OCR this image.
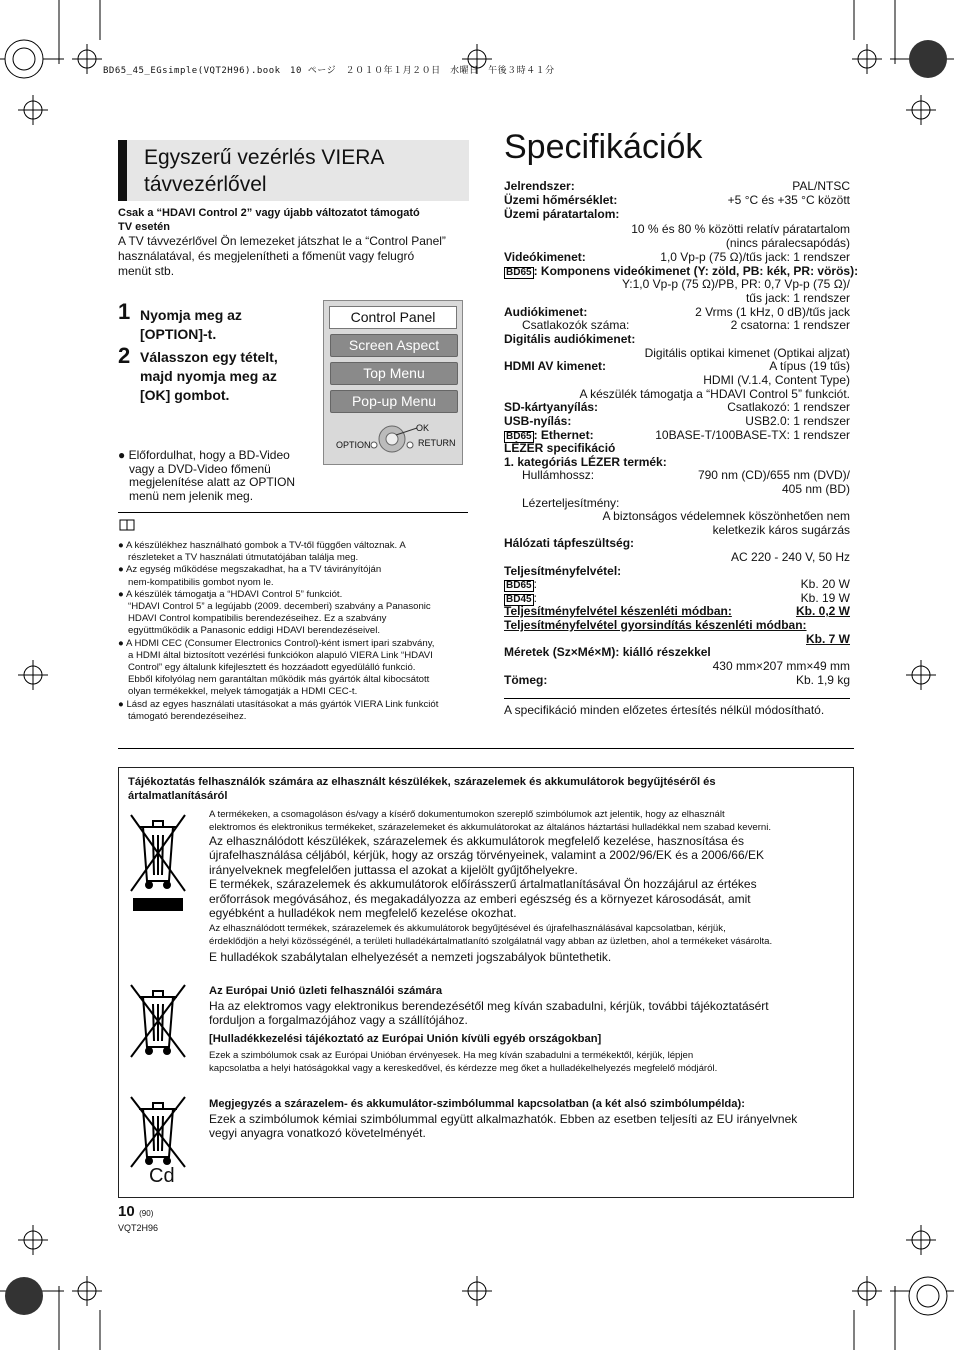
BD65_45_EGsimple(VQT2H96).book　10 ページ　２０１０年１月２０日　水曜日　午後３時４１分
Egyszerű vezérlés VIERA
távvezérlővel
Csak a “HDAVI Control 2” vagy újabb változatot támogató
TV esetén
A TV távvezérlővel Ön lemezeket játszhat le a “Control Panel”
használatával, és megjelenítheti a főmenüt vagy felugró
menüt stb.
1 Nyomja meg az
[OPTION]-t.
2 Válasszon egy tételt,
majd nyomja meg az
[OK] gombot.
Control Panel
Screen Aspect
Top Menu
Pop-up Menu
OK
OPTION	RETURN
● Előfordulhat, hogy a BD-Video
vagy a DVD-Video főmenü
megjelenítése alatt az OPTION
menü nem jelenik meg.
● A készülékhez használható gombok a TV-től függően változnak. A
részleteket a TV használati útmutatójában találja meg.
● Az egység működése megszakadhat, ha a TV távirányítóján
nem-kompatibilis gombot nyom le.
● A készülék támogatja a “HDAVI Control 5” funkciót.
“HDAVI Control 5” a legújabb (2009. decemberi) szabvány a Panasonic
HDAVI Control kompatibilis berendezéseihez. Ez a szabvány
együttműködik a Panasonic eddigi HDAVI berendezéseivel.
● A HDMI CEC (Consumer Electronics Control)-ként ismert ipari szabvány,
a HDMI által biztosított vezérlési funkciókon alapuló VIERA Link “HDAVI
Control” egy általunk kifejlesztett és hozzáadott egyedülálló funkció.
Ebből kifolyólag nem garantáltan működik más gyártók által kibocsátott
olyan termékekkel, melyek támogatják a HDMI CEC-t.
● Lásd az egyes használati utasításokat a más gyártók VIERA Link funkciót
támogató berendezéseihez.
Specifikációk
Jelrendszer:	PAL/NTSC
Üzemi hőmérséklet:	+5 °C és +35 °C között
Üzemi páratartalom:
10 % és 80 % közötti relatív páratartalom
(nincs páralecsapódás)
Videókimenet:	1,0 Vp-p (75 Ω)/tűs jack: 1 rendszer
BD65 : Komponens videókimenet (Y: zöld, PB: kék, PR: vörös):
Y:1,0 Vp-p (75 Ω)/PB, PR: 0,7 Vp-p (75 Ω)/
tűs jack: 1 rendszer
Audiókimenet:	2 Vrms (1 kHz, 0 dB)/tűs jack
Csatlakozók száma:	2 csatorna: 1 rendszer
Digitális audiókimenet:
Digitális optikai kimenet (Optikai aljzat)
HDMI AV kimenet:	A típus (19 tűs)
HDMI (V.1.4, Content Type)
A készülék támogatja a “HDAVI Control 5” funkciót.
SD-kártyanyílás:	Csatlakozó: 1 rendszer
USB-nyílás:	USB2.0: 1 rendszer
BD65 : Ethernet:	10BASE-T/100BASE-TX: 1 rendszer
LÉZER specifikáció
1. kategóriás LÉZER termék:
Hullámhossz:	790 nm (CD)/655 nm (DVD)/
405 nm (BD)
Lézerteljesítmény:
A biztonságos védelemnek köszönhetően nem
keletkezik káros sugárzás
Hálózati tápfeszültség:
AC 220 - 240 V, 50 Hz
Teljesítményfelvétel:
BD65 :	Kb. 20 W
BD45 :	Kb. 19 W
Teljesítményfelvétel készenléti módban:	Kb. 0,2 W
Teljesítményfelvétel gyorsindítás készenléti módban:
Kb. 7 W
Méretek (Sz×Mé×M): kiálló részekkel
430 mm×207 mm×49 mm
Tömeg:	Kb. 1,9 kg
A specifikáció minden előzetes értesítés nélkül módosítható.
Tájékoztatás felhasználók számára az elhasznált készülékek, szárazelemek és akkumulátorok begyűjtéséről és
ártalmatlanításáról
A termékeken, a csomagoláson és/vagy a kísérő dokumentumokon szereplő szimbólumok azt jelentik, hogy az elhasznált
elektromos és elektronikus termékeket, szárazelemeket és akkumulátorokat az általános háztartási hulladékkal nem szabad keverni.
Az elhasználódott készülékek, szárazelemek és akkumulátorok megfelelő kezelése, hasznosítása és
újrafelhasználása céljából, kérjük, hogy az ország törvényeinek, valamint a 2002/96/EK és a 2006/66/EK
irányelveknek megfelelően juttassa el azokat a kijelölt gyűjtőhelyekre.
E termékek, szárazelemek és akkumulátorok előírásszerű ártalmatlanításával Ön hozzájárul az értékes
erőforrások megóvásához, és megakadályozza az emberi egészség és a környezet károsodását, amit
egyébként a hulladékok nem megfelelő kezelése okozhat.
Az elhasználódott termékek, szárazelemek és akkumulátorok begyűjtésével és újrafelhasználásával kapcsolatban, kérjük,
érdeklődjön a helyi közösségénél, a területi hulladékártalmatlanító szolgálatnál vagy abban az üzletben, ahol a termékeket vásárolta.
E hulladékok szabálytalan elhelyezését a nemzeti jogszabályok büntethetik.
Az Európai Unió üzleti felhasználói számára
Ha az elektromos vagy elektronikus berendezésétől meg kíván szabadulni, kérjük, további tájékoztatásért
forduljon a forgalmazójához vagy a szállítójához.
[Hulladékkezelési tájékoztató az Európai Unión kívüli egyéb országokban]
Ezek a szimbólumok csak az Európai Unióban érvényesek. Ha meg kíván szabadulni a termékektől, kérjük, lépjen
kapcsolatba a helyi hatóságokkal vagy a kereskedővel, és kérdezze meg őket a hulladékelhelyezés megfelelő módjáról.
Cd
Megjegyzés a szárazelem- és akkumulátor-szimbólummal kapcsolatban (a két alsó szimbólumpélda):
Ezek a szimbólumok kémiai szimbólummal együtt alkalmazhatók. Ebben az esetben teljesíti az EU irányelvnek
vegyi anyagra vonatkozó követelményét.
10 (90)
VQT2H96
